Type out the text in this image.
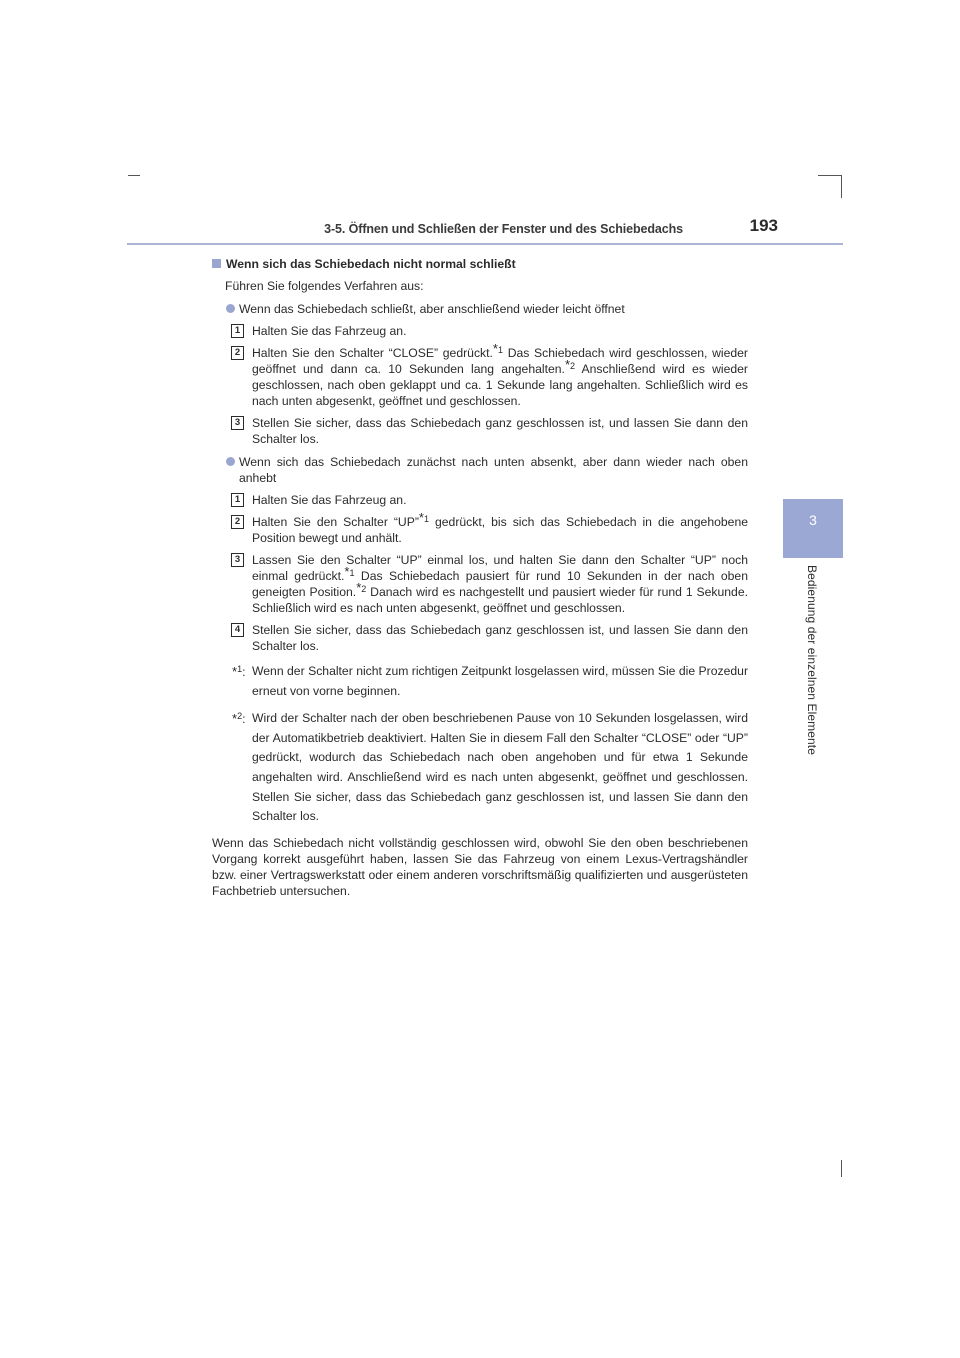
3-5. Öffnen und Schließen der Fenster und des Schiebedachs	193
3
Bedienung der einzelnen Elemente
Wenn sich das Schiebedach nicht normal schließt
Führen Sie folgendes Verfahren aus:
Wenn das Schiebedach schließt, aber anschließend wieder leicht öffnet
1 Halten Sie das Fahrzeug an.
2 Halten Sie den Schalter “CLOSE” gedrückt.$^{*1}$ Das Schiebedach wird geschlossen, wieder geöffnet und dann ca. 10 Sekunden lang angehalten.$^{*2}$ Anschließend wird es wieder geschlossen, nach oben geklappt und ca. 1 Sekunde lang angehalten. Schließlich wird es nach unten abgesenkt, geöffnet und geschlossen.
3 Stellen Sie sicher, dass das Schiebedach ganz geschlossen ist, und lassen Sie dann den Schalter los.
Wenn sich das Schiebedach zunächst nach unten absenkt, aber dann wieder nach oben anhebt
1 Halten Sie das Fahrzeug an.
2 Halten Sie den Schalter “UP”$^{*1}$ gedrückt, bis sich das Schiebedach in die angehobene Position bewegt und anhält.
3 Lassen Sie den Schalter “UP” einmal los, und halten Sie dann den Schalter “UP” noch einmal gedrückt.$^{*1}$ Das Schiebedach pausiert für rund 10 Sekunden in der nach oben geneigten Position.$^{*2}$ Danach wird es nachgestellt und pausiert wieder für rund 1 Sekunde. Schließlich wird es nach unten abgesenkt, geöffnet und geschlossen.
4 Stellen Sie sicher, dass das Schiebedach ganz geschlossen ist, und lassen Sie dann den Schalter los.
*$^1$: Wenn der Schalter nicht zum richtigen Zeitpunkt losgelassen wird, müssen Sie die Prozedur erneut von vorne beginnen.
*$^2$: Wird der Schalter nach der oben beschriebenen Pause von 10 Sekunden losgelassen, wird der Automatikbetrieb deaktiviert. Halten Sie in diesem Fall den Schalter “CLOSE” oder “UP” gedrückt, wodurch das Schiebedach nach oben angehoben und für etwa 1 Sekunde angehalten wird. Anschließend wird es nach unten abgesenkt, geöffnet und geschlossen. Stellen Sie sicher, dass das Schiebedach ganz geschlossen ist, und lassen Sie dann den Schalter los.
Wenn das Schiebedach nicht vollständig geschlossen wird, obwohl Sie den oben beschriebenen Vorgang korrekt ausgeführt haben, lassen Sie das Fahrzeug von einem Lexus-Vertragshändler bzw. einer Vertragswerkstatt oder einem anderen vorschriftsmäßig qualifizierten und ausgerüsteten Fachbetrieb untersuchen.
